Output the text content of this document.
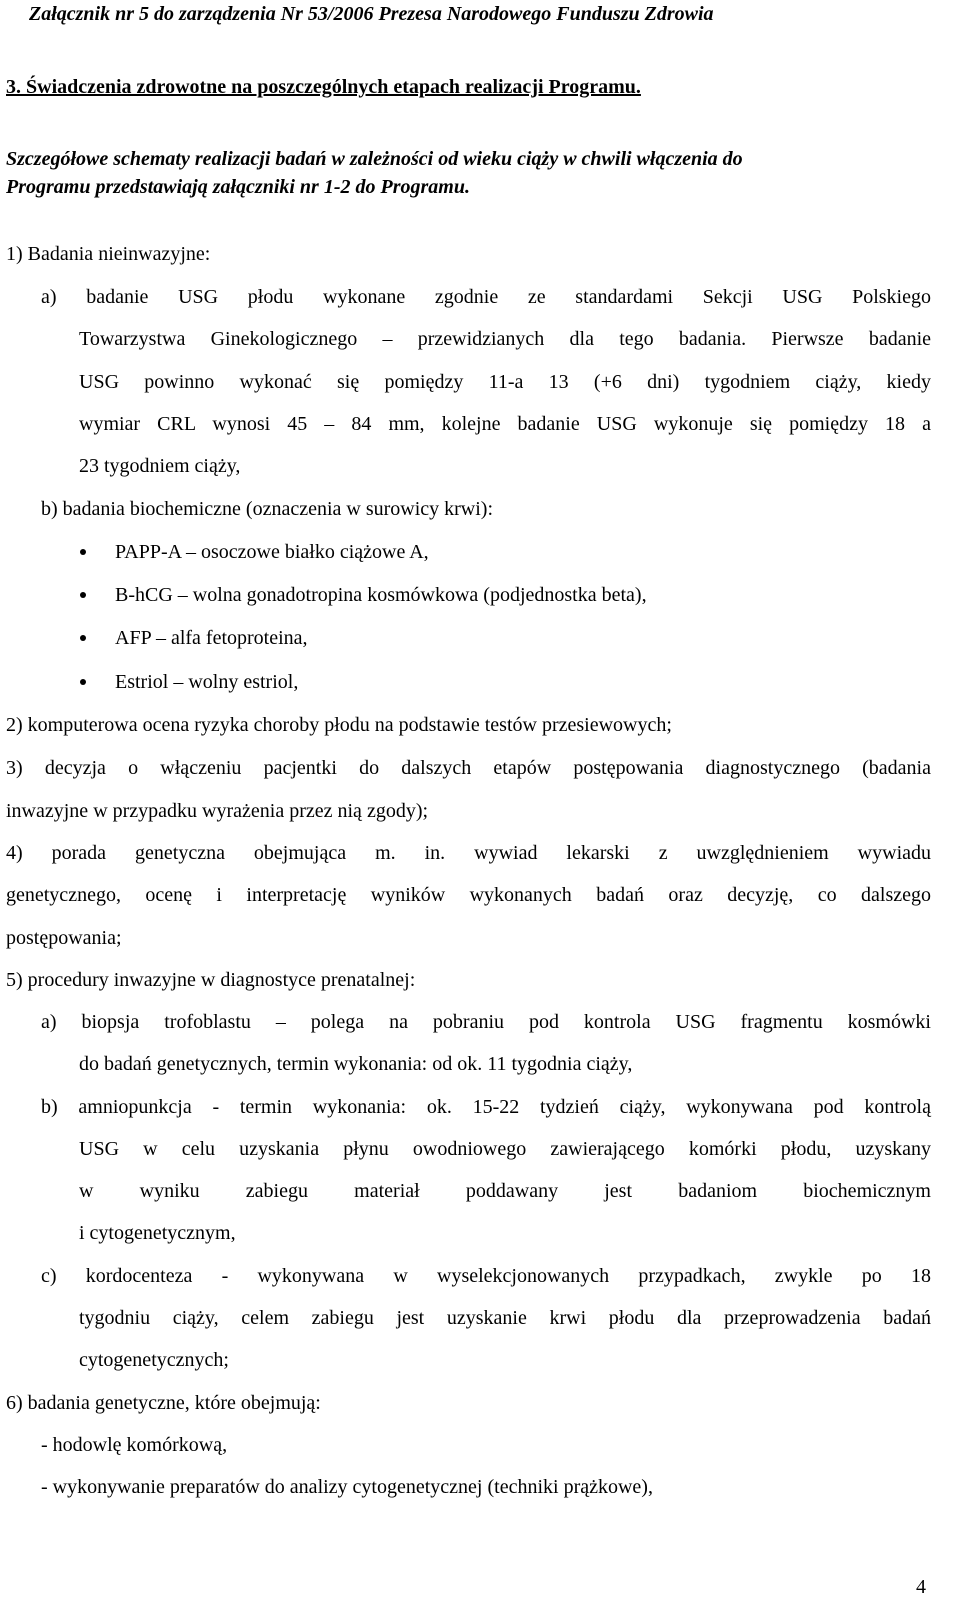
Załącznik nr 5 do zarządzenia Nr 53/2006 Prezesa Narodowego Funduszu Zdrowia
3. Świadczenia zdrowotne na poszczególnych etapach realizacji Programu.
Szczegółowe schematy realizacji badań w zależności od wieku ciąży w chwili włączenia do
Programu przedstawiają załączniki nr 1-2 do Programu.
1) Badania nieinwazyjne:
a) badanie USG płodu wykonane zgodnie ze standardami Sekcji USG Polskiego
Towarzystwa Ginekologicznego – przewidzianych dla tego badania. Pierwsze badanie
USG powinno wykonać się pomiędzy 11-a 13 (+6 dni) tygodniem ciąży, kiedy
wymiar CRL wynosi 45 – 84 mm, kolejne badanie USG wykonuje się pomiędzy 18 a
23 tygodniem ciąży,
b) badania biochemiczne (oznaczenia w surowicy krwi):
PAPP-A – osoczowe białko ciążowe A,
B-hCG – wolna gonadotropina kosmówkowa (podjednostka beta),
AFP – alfa fetoproteina,
Estriol – wolny estriol,
2) komputerowa ocena ryzyka choroby płodu na podstawie testów przesiewowych;
3) decyzja o włączeniu pacjentki do dalszych etapów postępowania diagnostycznego (badania
inwazyjne w przypadku wyrażenia przez nią zgody);
4) porada genetyczna obejmująca m. in. wywiad lekarski z uwzględnieniem wywiadu
genetycznego, ocenę i interpretację wyników wykonanych badań oraz decyzję, co dalszego
postępowania;
5) procedury inwazyjne w diagnostyce prenatalnej:
a) biopsja trofoblastu – polega na pobraniu pod kontrola USG fragmentu kosmówki
do badań genetycznych, termin wykonania: od ok. 11 tygodnia ciąży,
b) amniopunkcja - termin wykonania: ok. 15-22 tydzień ciąży, wykonywana pod kontrolą
USG w celu uzyskania płynu owodniowego zawierającego komórki płodu, uzyskany
w wyniku zabiegu materiał poddawany jest badaniom biochemicznym
i cytogenetycznym,
c) kordocenteza - wykonywana w wyselekcjonowanych przypadkach, zwykle po 18
tygodniu ciąży, celem zabiegu jest uzyskanie krwi płodu dla przeprowadzenia badań
cytogenetycznych;
6) badania genetyczne, które obejmują:
- hodowlę komórkową,
- wykonywanie preparatów do analizy cytogenetycznej (techniki prążkowe),
4
